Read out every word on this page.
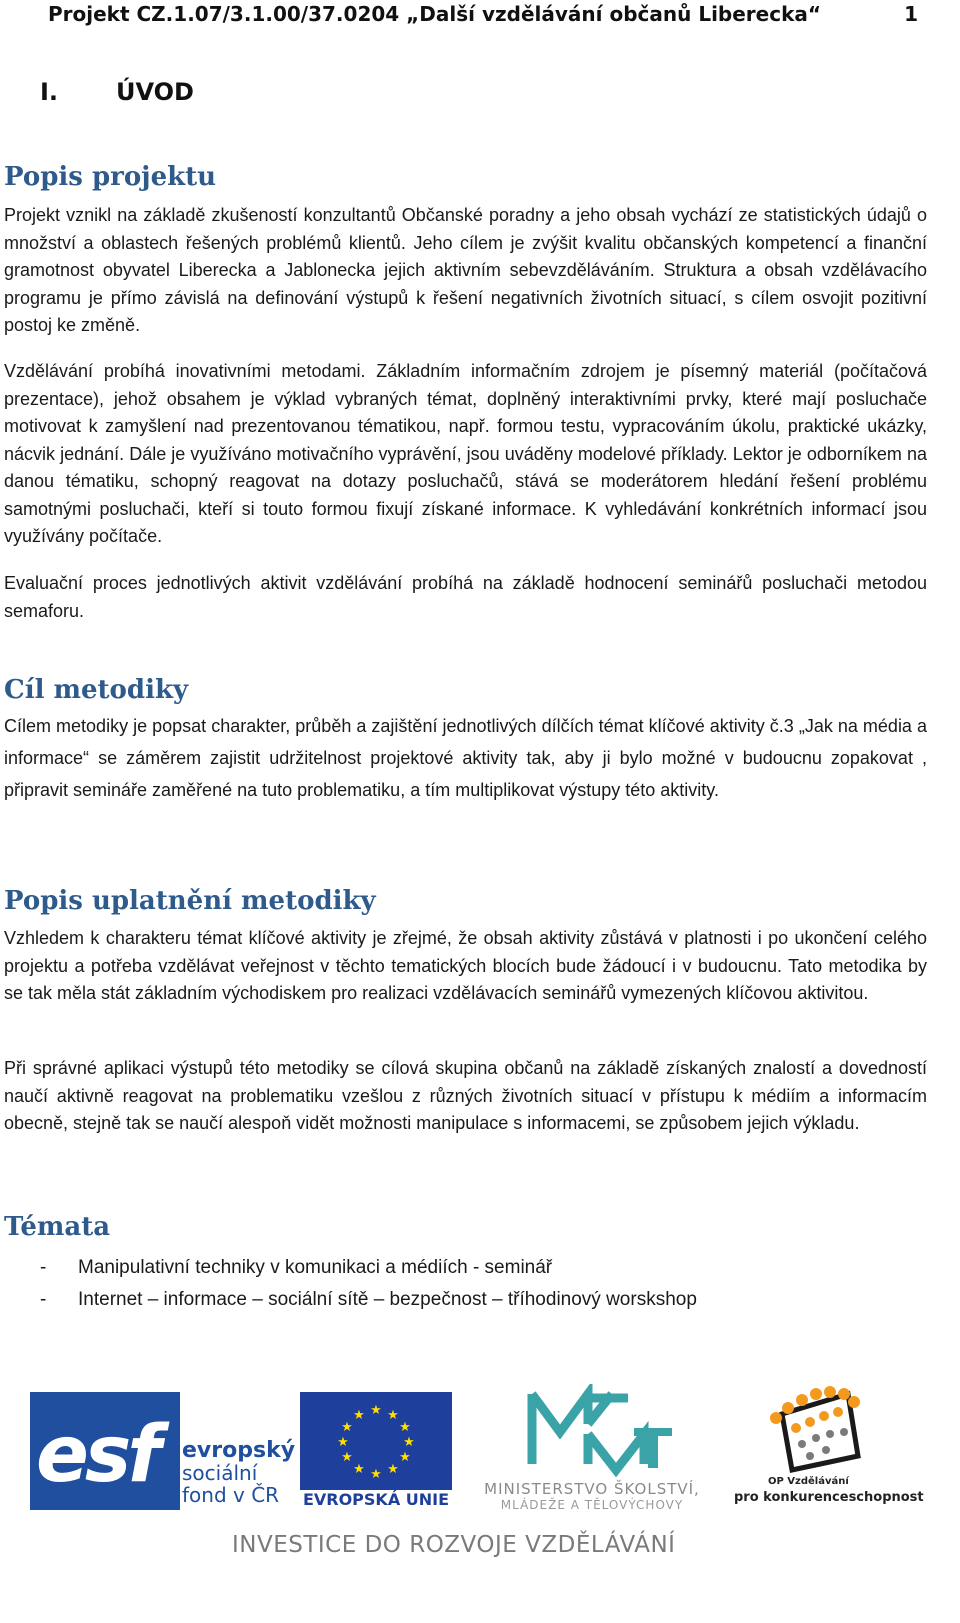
Projekt CZ.1.07/3.1.00/37.0204 „Další vzdělávání občanů Liberecka“	1
I. ÚVOD
Popis projektu

Projekt vznikl na základě zkušeností konzultantů Občanské poradny a jeho obsah vychází ze statistických údajů o množství a oblastech řešených problémů klientů. Jeho cílem je zvýšit kvalitu občanských kompetencí a finanční gramotnost obyvatel Liberecka a Jablonecka jejich aktivním sebevzděláváním. Struktura a obsah vzdělávacího programu je přímo závislá na definování výstupů k řešení negativních životních situací, s cílem osvojit pozitivní postoj ke změně.

Vzdělávání probíhá inovativními metodami. Základním informačním zdrojem je písemný materiál (počítačová prezentace), jehož obsahem je výklad vybraných témat, doplněný interaktivními prvky, které mají posluchače motivovat k zamyšlení nad prezentovanou tématikou, např. formou testu, vypracováním úkolu, praktické ukázky, nácvik jednání. Dále je využíváno motivačního vyprávění, jsou uváděny modelové příklady. Lektor je odborníkem na danou tématiku, schopný reagovat na dotazy posluchačů, stává se moderátorem hledání řešení problému samotnými posluchači, kteří si touto formou fixují získané informace. K vyhledávání konkrétních informací jsou využívány počítače.

Evaluační proces jednotlivých aktivit vzdělávání probíhá na základě hodnocení seminářů posluchači metodou semaforu.

Cíl metodiky

Cílem metodiky je popsat charakter, průběh a zajištění jednotlivých dílčích témat klíčové aktivity č.3 „Jak na média a informace“ se záměrem zajistit udržitelnost projektové aktivity tak, aby ji bylo možné v budoucnu zopakovat , připravit semináře zaměřené na tuto problematiku, a tím multiplikovat výstupy této aktivity.

Popis uplatnění metodiky

Vzhledem k charakteru témat klíčové aktivity je zřejmé, že obsah aktivity zůstává v platnosti i po ukončení celého projektu a potřeba vzdělávat veřejnost v těchto tematických blocích bude žádoucí i v budoucnu. Tato metodika by se tak měla stát základním východiskem pro realizaci vzdělávacích seminářů vymezených klíčovou aktivitou.

Při správné aplikaci výstupů této metodiky se cílová skupina občanů na základě získaných znalostí a dovedností naučí aktivně reagovat na problematiku vzešlou z různých životních situací v přístupu k médiím a informacím obecně, stejně tak se naučí alespoň vidět možnosti manipulace s informacemi, se způsobem jejich výkladu.

Témata
- Manipulativní techniky v komunikaci a médiích - seminář
- Internet – informace – sociální sítě – bezpečnost – tříhodinový worskshop
esf evropský
sociální
fond v ČR
★ ★
★
★
★
★
★
★
★
★
★
★
EVROPSKÁ UNIE
MINISTERSTVO ŠKOLSTVÍ,
MLÁDEŽE A TĚLOVÝCHOVY
OP Vzdělávání
pro konkurenceschopnost
INVESTICE DO ROZVOJE VZDĚLÁVÁNÍ
